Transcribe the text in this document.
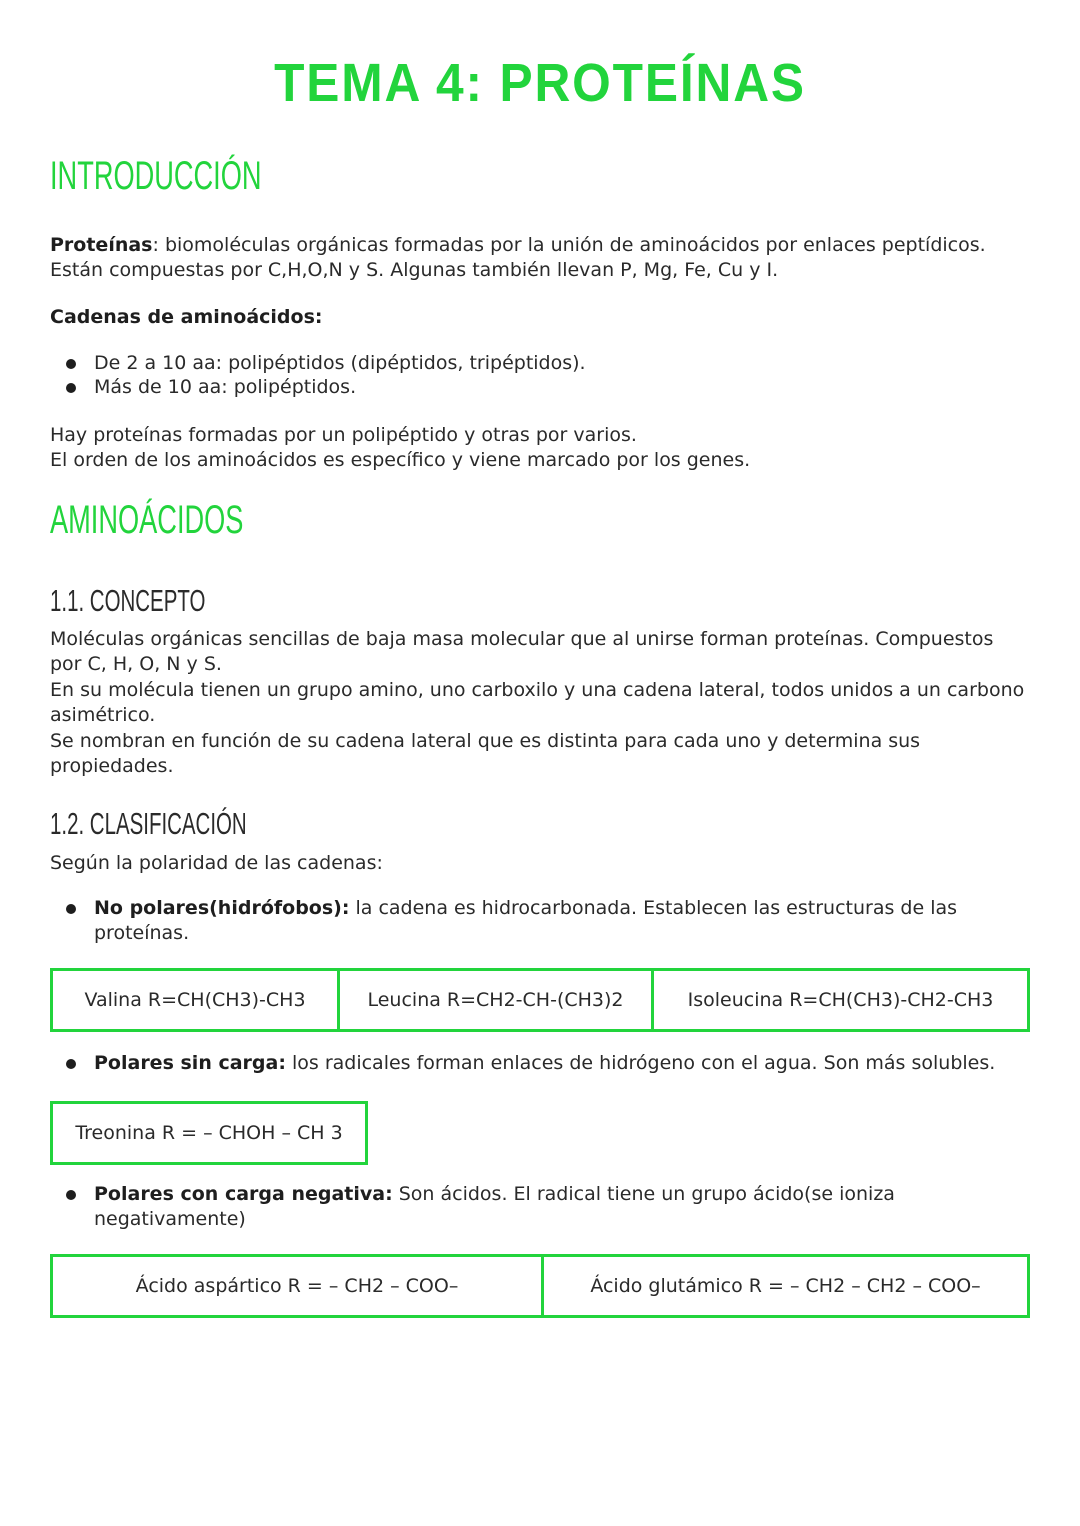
TEMA 4: PROTEÍNAS
INTRODUCCIÓN
Proteínas: biomoléculas orgánicas formadas por la unión de aminoácidos por enlaces peptídicos.
Están compuestas por C,H,O,N y S. Algunas también llevan P, Mg, Fe, Cu y I.
Cadenas de aminoácidos:
De 2 a 10 aa: polipéptidos (dipéptidos, tripéptidos).
Más de 10 aa: polipéptidos.
Hay proteínas formadas por un polipéptido y otras por varios.
El orden de los aminoácidos es específico y viene marcado por los genes.
AMINOÁCIDOS
1.1. CONCEPTO
Moléculas orgánicas sencillas de baja masa molecular que al unirse forman proteínas. Compuestos
por C, H, O, N y S.
En su molécula tienen un grupo amino, uno carboxilo y una cadena lateral, todos unidos a un carbono
asimétrico.
Se nombran en función de su cadena lateral que es distinta para cada uno y determina sus
propiedades.
1.2. CLASIFICACIÓN
Según la polaridad de las cadenas:
No polares(hidrófobos): la cadena es hidrocarbonada. Establecen las estructuras de las
proteínas.
Valina R=CH(CH3)-CH3	Leucina R=CH2-CH-(CH3)2	Isoleucina R=CH(CH3)-CH2-CH3
Polares sin carga: los radicales forman enlaces de hidrógeno con el agua. Son más solubles.
Treonina R = – CHOH – CH 3
Polares con carga negativa: Son ácidos. El radical tiene un grupo ácido(se ioniza
negativamente)
Ácido aspártico R = – CH2 – COO–	Ácido glutámico R = – CH2 – CH2 – COO–
